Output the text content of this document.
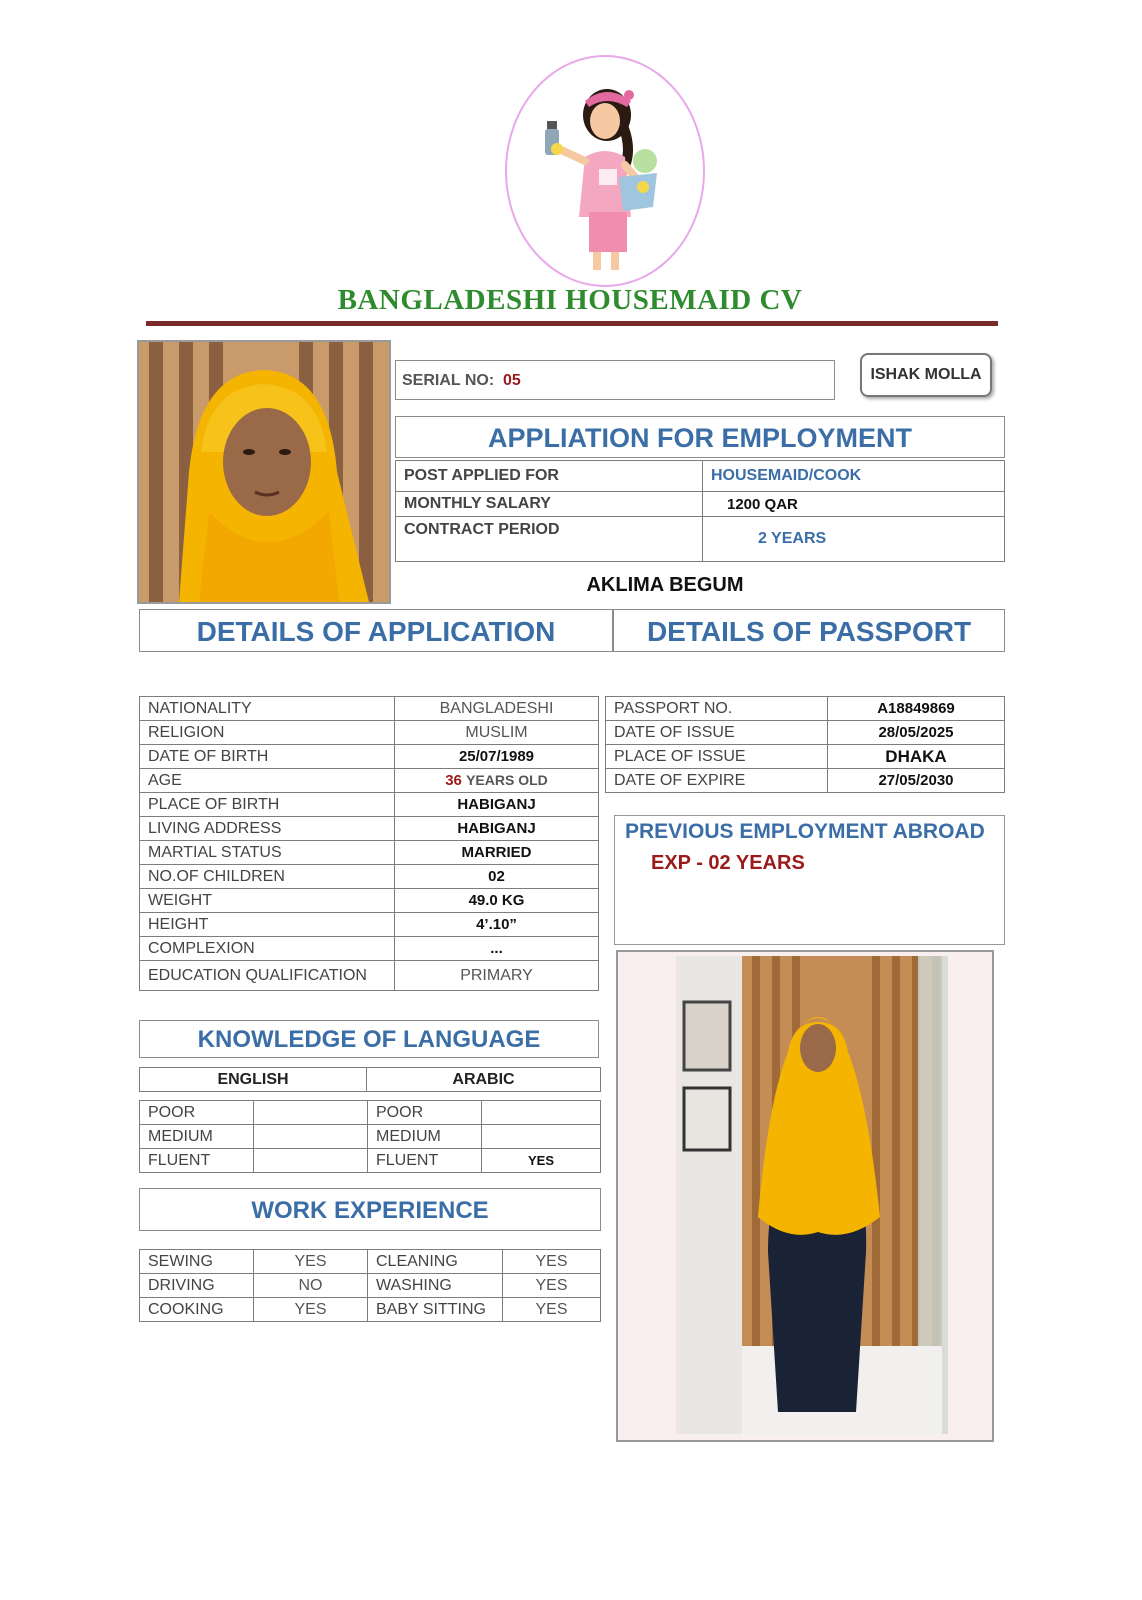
BANGLADESHI HOUSEMAID CV
SERIAL NO: 05	ISHAK MOLLA
APPLIATION FOR EMPLOYMENT
POST APPLIED FOR	HOUSEMAID/COOK
MONTHLY SALARY	1200 QAR
CONTRACT PERIOD	2 YEARS
AKLIMA BEGUM
DETAILS OF APPLICATION	DETAILS OF PASSPORT
NATIONALITY	BANGLADESHI
RELIGION	MUSLIM
DATE OF BIRTH	25/07/1989
AGE	36 YEARS OLD
PLACE OF BIRTH	HABIGANJ
LIVING ADDRESS	HABIGANJ
MARTIAL STATUS	MARRIED
NO.OF CHILDREN	02
WEIGHT	49.0 KG
HEIGHT	4’.10”
COMPLEXION	...
EDUCATION QUALIFICATION	PRIMARY
PASSPORT NO.	A18849869
DATE OF ISSUE	28/05/2025
PLACE OF ISSUE	DHAKA
DATE OF EXPIRE	27/05/2030
PREVIOUS EMPLOYMENT ABROAD
EXP - 02 YEARS
KNOWLEDGE OF LANGUAGE
ENGLISH	ARABIC
POOR		POOR	
MEDIUM		MEDIUM	
FLUENT		FLUENT	YES
WORK EXPERIENCE
SEWING	YES	CLEANING	YES
DRIVING	NO	WASHING	YES
COOKING	YES	BABY SITTING	YES
